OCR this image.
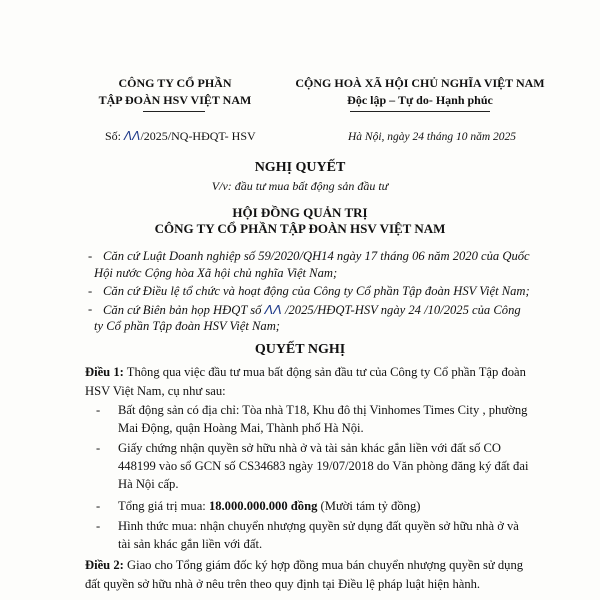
CÔNG TY CỔ PHẦN
TẬP ĐOÀN HSV VIỆT NAM
CỘNG HOÀ XÃ HỘI CHỦ NGHĨA VIỆT NAM
Độc lập – Tự do- Hạnh phúc
Số: ΛΛ/2025/NQ-HĐQT- HSV	Hà Nội, ngày 24 tháng 10 năm 2025
NGHỊ QUYẾT
V/v: đầu tư mua bất động sản đầu tư
HỘI ĐỒNG QUẢN TRỊ
CÔNG TY CỔ PHẦN TẬP ĐOÀN HSV VIỆT NAM
- Căn cứ Luật Doanh nghiệp số 59/2020/QH14 ngày 17 tháng 06 năm 2020 của Quốc
Hội nước Cộng hòa Xã hội chủ nghĩa Việt Nam;
- Căn cứ Điều lệ tổ chức và hoạt động của Công ty Cổ phần Tập đoàn HSV Việt Nam;
- Căn cứ Biên bản họp HĐQT số ΛΛ /2025/HĐQT-HSV ngày 24 /10/2025 của Công
ty Cổ phần Tập đoàn HSV Việt Nam;
QUYẾT NGHỊ
Điều 1: Thông qua việc đầu tư mua bất động sản đầu tư của Công ty Cổ phần Tập đoàn
HSV Việt Nam, cụ như sau:
- Bất động sản có địa chỉ: Tòa nhà T18, Khu đô thị Vinhomes Times City , phường
Mai Động, quận Hoàng Mai, Thành phố Hà Nội.
- Giấy chứng nhận quyền sở hữu nhà ở và tài sản khác gắn liền với đất số CO
448199 vào sổ GCN số CS34683 ngày 19/07/2018 do Văn phòng đăng ký đất đai
Hà Nội cấp.
- Tổng giá trị mua: 18.000.000.000 đồng (Mười tám tỷ đồng)
- Hình thức mua: nhận chuyển nhượng quyền sử dụng đất quyền sở hữu nhà ở và
tài sản khác gắn liền với đất.
Điều 2: Giao cho Tổng giám đốc ký hợp đồng mua bán chuyển nhượng quyền sử dụng
đất quyền sở hữu nhà ở nêu trên theo quy định tại Điều lệ pháp luật hiện hành.
